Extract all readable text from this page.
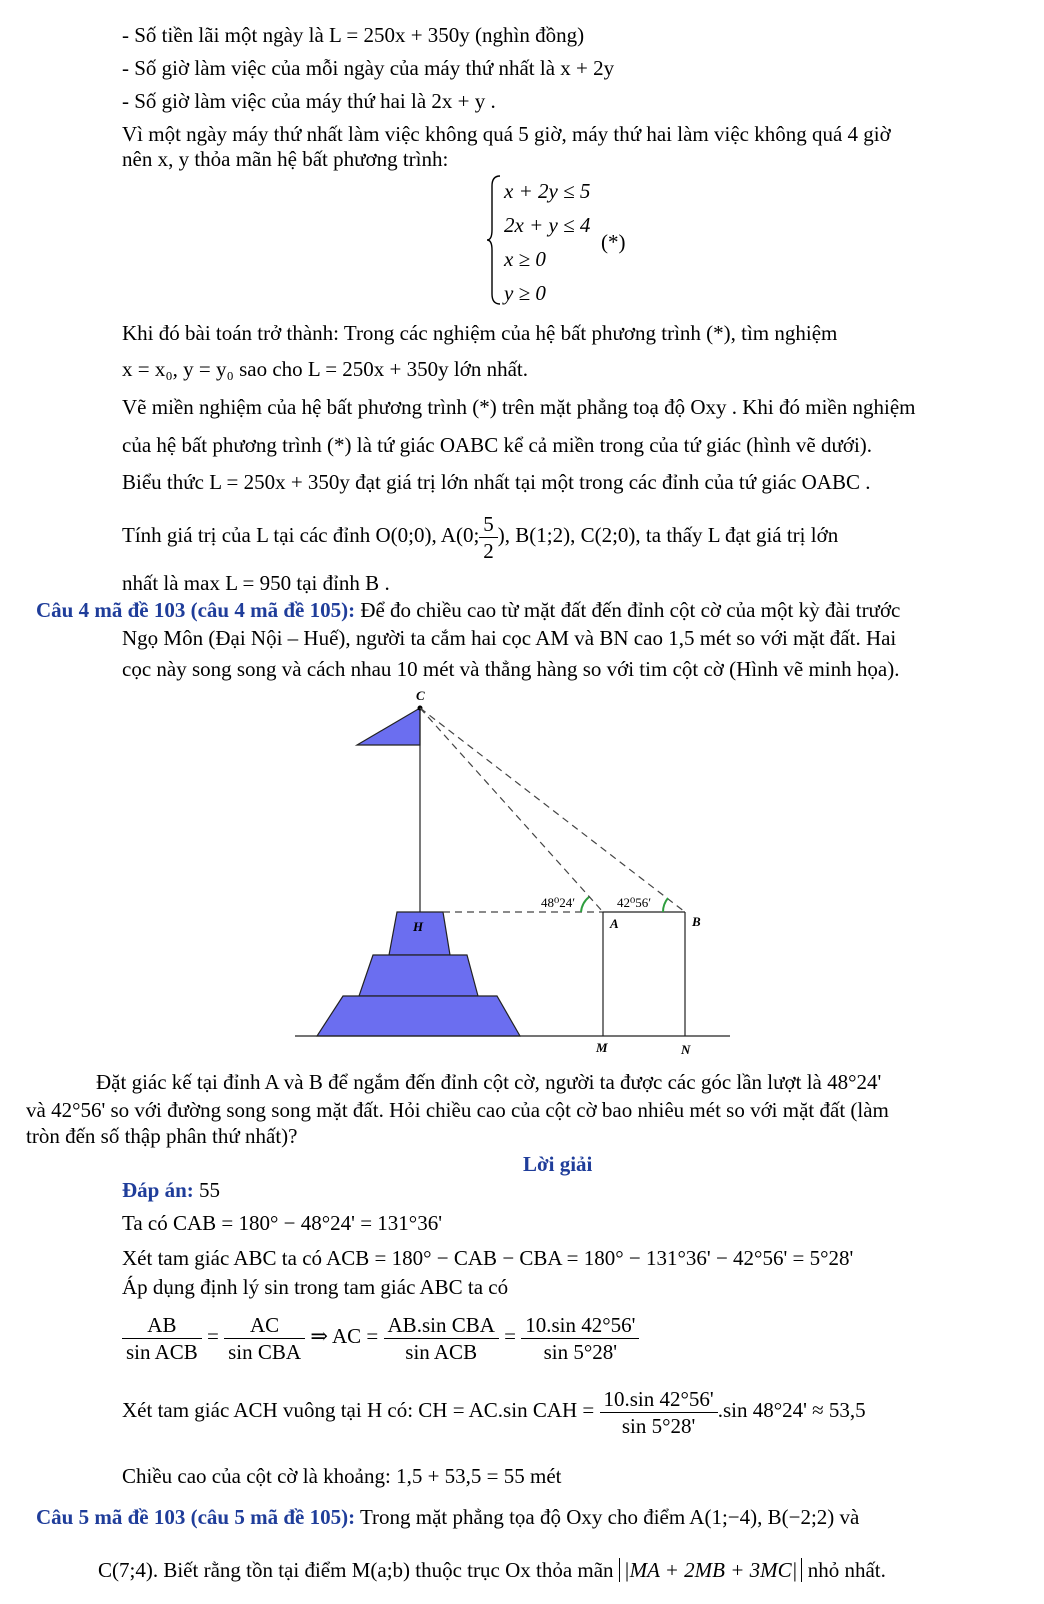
- Số tiền lãi một ngày là L = 250x + 350y (nghìn đồng)
- Số giờ làm việc của mỗi ngày của máy thứ nhất là x + 2y
- Số giờ làm việc của máy thứ hai là 2x + y .
Vì một ngày máy thứ nhất làm việc không quá 5 giờ, máy thứ hai làm việc không quá 4 giờ
nên x, y thỏa mãn hệ bất phương trình:
x + 2y ≤ 5
2x + y ≤ 4
x ≥ 0
y ≥ 0
(*)
Khi đó bài toán trở thành: Trong các nghiệm của hệ bất phương trình (*), tìm nghiệm
x = x₀, y = y₀ sao cho L = 250x + 350y lớn nhất.
Vẽ miền nghiệm của hệ bất phương trình (*) trên mặt phẳng toạ độ Oxy . Khi đó miền nghiệm
của hệ bất phương trình (*) là tứ giác OABC kể cả miền trong của tứ giác (hình vẽ dưới).
Biểu thức L = 250x + 350y đạt giá trị lớn nhất tại một trong các đỉnh của tứ giác OABC .
Tính giá trị của L tại các đỉnh O(0;0), A(0; $\frac{5}{2}$ ), B(1;2), C(2;0), ta thấy L đạt giá trị lớn
nhất là max L = 950 tại đỉnh B .
Câu 4 mã đề 103 (câu 4 mã đề 105): Để đo chiều cao từ mặt đất đến đỉnh cột cờ của một kỳ đài trước
Ngọ Môn (Đại Nội – Huế), người ta cắm hai cọc AM và BN cao 1,5 mét so với mặt đất. Hai
cọc này song song và cách nhau 10 mét và thẳng hàng so với tim cột cờ (Hình vẽ minh họa).
C
H
48⁰24′	42⁰56′
A	B
M	N
Đặt giác kế tại đỉnh A và B để ngắm đến đỉnh cột cờ, người ta được các góc lần lượt là 48°24'
và 42°56' so với đường song song mặt đất. Hỏi chiều cao của cột cờ bao nhiêu mét so với mặt đất (làm
tròn đến số thập phân thứ nhất)?
Lời giải
Đáp án: 55
Ta có CAB = 180° − 48°24' = 131°36'
Xét tam giác ABC ta có ACB = 180° − CAB − CBA = 180° − 131°36' − 42°56' = 5°28'
Áp dụng định lý sin trong tam giác ABC ta có
$\frac{AB}{\text{sin ACB}} = \frac{AC}{\text{sin CBA}}$ ⇒ AC = $\frac{\text{AB.sin CBA}}{\text{sin ACB}} = \frac{10.\sin 42^\circ 56'}{\sin 5^\circ 28'}$
Xét tam giác ACH vuông tại H có: CH = AC.sin CAH = $\frac{10.\sin 42^\circ 56'}{\sin 5^\circ 28'} .\sin$ 48°24' ≈ 53,5
Chiều cao của cột cờ là khoảng: 1,5 + 53,5 = 55 mét
Câu 5 mã đề 103 (câu 5 mã đề 105): Trong mặt phẳng tọa độ Oxy cho điểm A(1;−4), B(−2;2) và
C(7;4). Biết rằng tồn tại điểm M(a;b) thuộc trục Ox thỏa mãn |MA + 2MB + 3MC| nhỏ nhất.
